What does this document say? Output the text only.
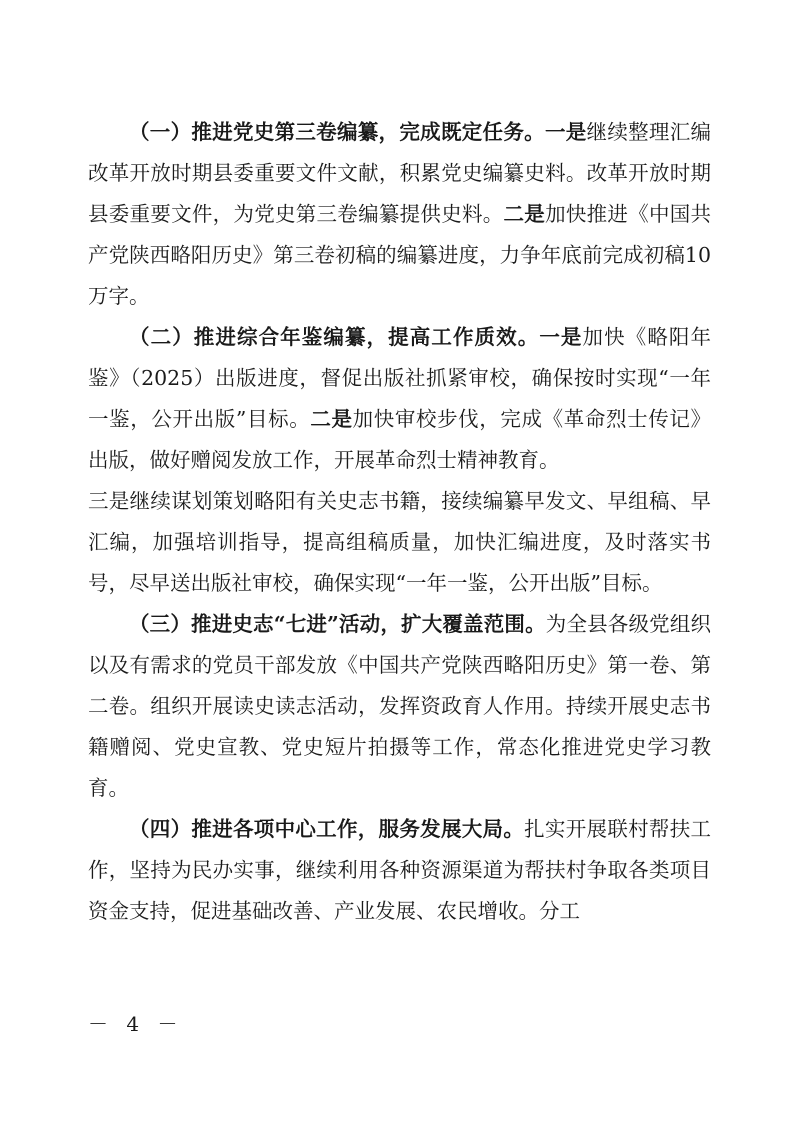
（一）推进党史第三卷编纂，完成既定任务。一是继续整理汇编改革开放时期县委重要文件文献，积累党史编纂史料。改革开放时期县委重要文件，为党史第三卷编纂提供史料。二是加快推进《中国共产党陕西略阳历史》第三卷初稿的编纂进度，力争年底前完成初稿10万字。

（二）推进综合年鉴编纂，提高工作质效。一是加快《略阳年鉴》（2025）出版进度，督促出版社抓紧审校，确保按时实现“一年一鉴，公开出版”目标。二是加快审校步伐，完成《革命烈士传记》出版，做好赠阅发放工作，开展革命烈士精神教育。

三是继续谋划策划略阳有关史志书籍，接续编纂早发文、早组稿、早汇编，加强培训指导，提高组稿质量，加快汇编进度，及时落实书号，尽早送出版社审校，确保实现“一年一鉴，公开出版”目标。

（三）推进史志“七进”活动，扩大覆盖范围。为全县各级党组织以及有需求的党员干部发放《中国共产党陕西略阳历史》第一卷、第二卷。组织开展读史读志活动，发挥资政育人作用。持续开展史志书籍赠阅、党史宣教、党史短片拍摄等工作，常态化推进党史学习教育。

（四）推进各项中心工作，服务发展大局。扎实开展联村帮扶工作，坚持为民办实事，继续利用各种资源渠道为帮扶村争取各类项目资金支持，促进基础改善、产业发展、农民增收。分工

－ 4 －
